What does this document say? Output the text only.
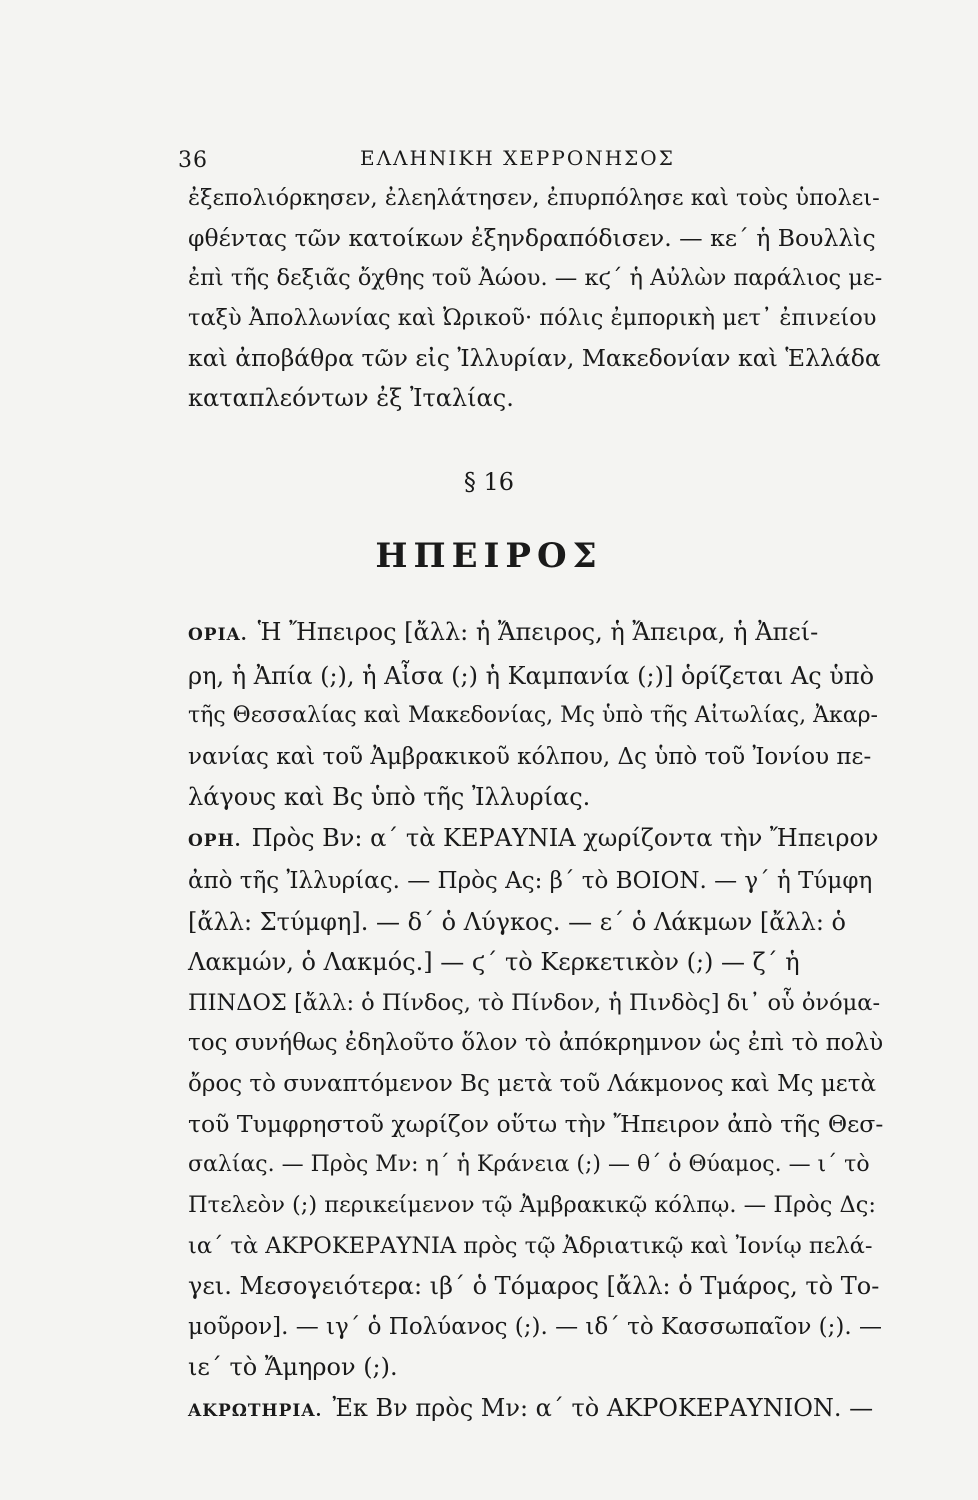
36	ΕΛΛΗΝΙΚΗ ΧΕΡΡΟΝΗΣΟΣ
ἐξεπολιόρκησεν, ἐλεηλάτησεν, ἐπυρπόλησε καὶ τοὺς ὑπολει-
φθέντας τῶν κατοίκων ἐξηνδραπόδισεν. — κε΄ ἡ Βουλλὶς
ἐπὶ τῆς δεξιᾶς ὄχθης τοῦ Ἀώου. — κϛ΄ ἡ Αὐλὼν παράλιος με-
ταξὺ Ἀπολλωνίας καὶ Ὠρικοῦ· πόλις ἐμπορικὴ μετ᾽ ἐπινείου
καὶ ἀποβάθρα τῶν εἰς Ἰλλυρίαν, Μακεδονίαν καὶ Ἑλλάδα
καταπλεόντων ἐξ Ἰταλίας.
§ 16
ΗΠΕΙΡΟΣ
ΟΡΙΑ. Ἡ Ἤπειρος [ἄλλ: ἡ Ἄπειρος, ἡ Ἄπειρα, ἡ Ἀπεί-
ρη, ἡ Ἀπία (;), ἡ Αἶσα (;) ἡ Καμπανία (;)] ὁρίζεται Ας ὑπὸ
τῆς Θεσσαλίας καὶ Μακεδονίας, Μς ὑπὸ τῆς Αἰτωλίας, Ἀκαρ-
νανίας καὶ τοῦ Ἀμβρακικοῦ κόλπου, Δς ὑπὸ τοῦ Ἰονίου πε-
λάγους καὶ Βς ὑπὸ τῆς Ἰλλυρίας.
ΟΡΗ. Πρὸς Βν: α΄ τὰ ΚΕΡΑΥΝΙΑ χωρίζοντα τὴν Ἤπειρον
ἀπὸ τῆς Ἰλλυρίας. — Πρὸς Ας: β΄ τὸ ΒΟΙΟΝ. — γ΄ ἡ Τύμφη
[ἄλλ: Στύμφη]. — δ΄ ὁ Λύγκος. — ε΄ ὁ Λάκμων [ἄλλ: ὁ
Λακμών, ὁ Λακμός.] — ϛ΄ τὸ Κερκετικὸν (;) — ζ΄ ἡ
ΠΙΝΔΟΣ [ἄλλ: ὁ Πίνδος, τὸ Πίνδον, ἡ Πινδὸς] δι᾽ οὗ ὀνόμα-
τος συνήθως ἐδηλοῦτο ὅλον τὸ ἀπόκρημνον ὡς ἐπὶ τὸ πολὺ
ὄρος τὸ συναπτόμενον Βς μετὰ τοῦ Λάκμονος καὶ Μς μετὰ
τοῦ Τυμφρηστοῦ χωρίζον οὕτω τὴν Ἤπειρον ἀπὸ τῆς Θεσ-
σαλίας. — Πρὸς Μν: η΄ ἡ Κράνεια (;) — θ΄ ὁ Θύαμος. — ι΄ τὸ
Πτελεὸν (;) περικείμενον τῷ Ἀμβρακικῷ κόλπῳ. — Πρὸς Δς:
ια΄ τὰ ΑΚΡΟΚΕΡΑΥΝΙΑ πρὸς τῷ Ἀδριατικῷ καὶ Ἰονίῳ πελά-
γει. Μεσογειότερα: ιβ΄ ὁ Τόμαρος [ἄλλ: ὁ Τμάρος, τὸ Το-
μοῦρον]. — ιγ΄ ὁ Πολύανος (;). — ιδ΄ τὸ Κασσωπαῖον (;). —
ιε΄ τὸ Ἄμηρον (;).
ΑΚΡΩΤΗΡΙΑ. Ἐκ Βν πρὸς Μν: α΄ τὸ ΑΚΡΟΚΕΡΑΥΝΙΟΝ. —
